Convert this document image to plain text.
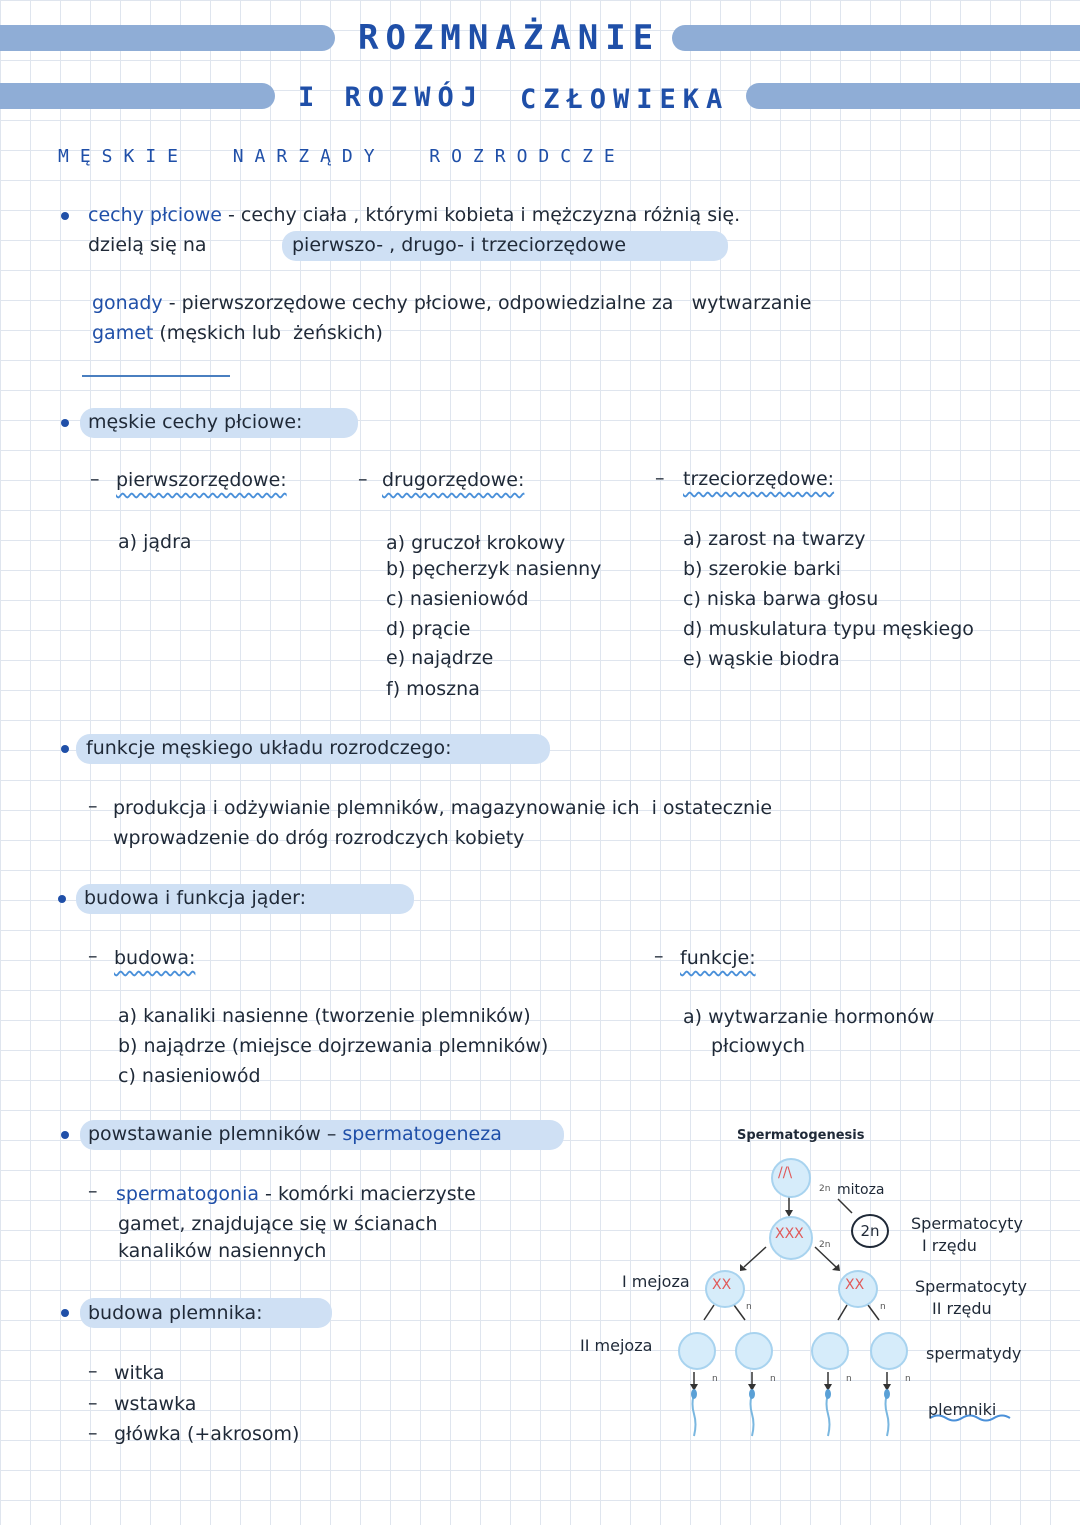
ROZMNAŻANIE
I ROZWÓJ CZŁOWIEKA
MĘSKIE  NARZĄDY  ROZRODCZE
cechy płciowe - cechy ciała , którymi kobieta i mężczyzna różnią się.
dzielą się na	pierwszo- , drugo- i trzeciorzędowe
gonady - pierwszorzędowe cechy płciowe, odpowiedzialne za   wytwarzanie
gamet (męskich lub  żeńskich)
męskie cechy płciowe:
– pierwszorzędowe:
a) jądra
– drugorzędowe:
a) gruczoł krokowy
b) pęcherzyk nasienny
c) nasieniowód
d) prącie
e) najądrze
f) moszna
– trzeciorzędowe:
a) zarost na twarzy
b) szerokie barki
c) niska barwa głosu
d) muskulatura typu męskiego
e) wąskie biodra
funkcje męskiego układu rozrodczego:
– produkcja i odżywianie plemników, magazynowanie ich  i ostatecznie
wprowadzenie do dróg rozrodczych kobiety
budowa i funkcja jąder:
– budowa:
a) kanaliki nasienne (tworzenie plemników)
b) najądrze (miejsce dojrzewania plemników)
c) nasieniowód
– funkcje:
a) wytwarzanie hormonów
płciowych
powstawanie plemników – spermatogeneza
– spermatogonia - komórki macierzyste
gamet, znajdujące się w ścianach
kanalików nasiennych
budowa plemnika:
– witka
– wstawka
– główka (+akrosom)
Spermatogenesis
/‍/\
2n
ХХХ
2n
mitoza
2n
XX	XX
n	n
n	n	n	n
I mejoza
II mejoza
Spermatocyty
I rzędu
Spermatocyty
II rzędu
spermatydy
plemniki
